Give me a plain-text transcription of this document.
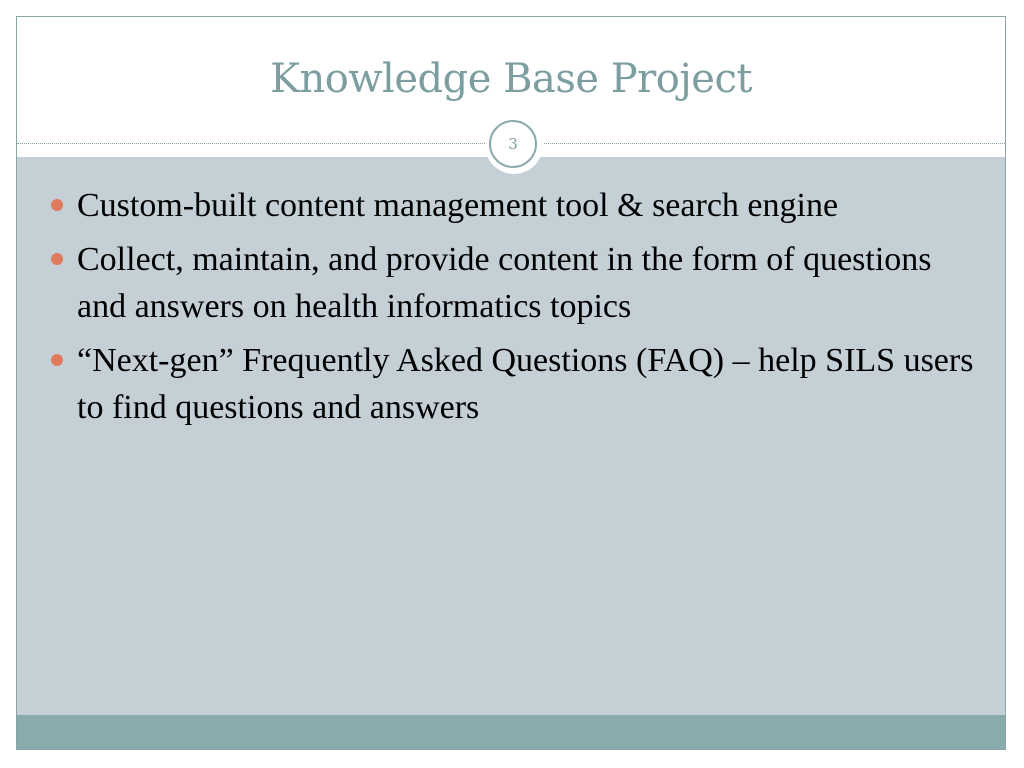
Knowledge Base Project
3
Custom-built content management tool & search engine
Collect, maintain, and provide content in the form of questions and answers on health informatics topics
“Next-gen” Frequently Asked Questions (FAQ) – help SILS users to find questions and answers
